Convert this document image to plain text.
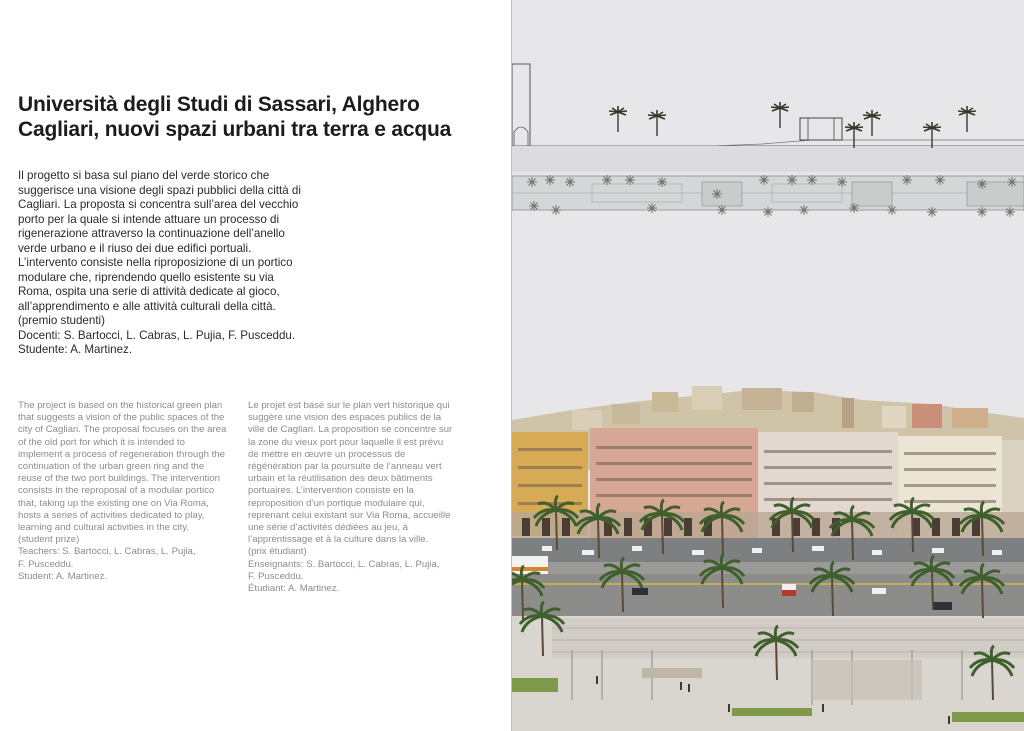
Università degli Studi di Sassari, Alghero
Cagliari, nuovi spazi urbani tra terra e acqua
Il progetto si basa sul piano del verde storico che
suggerisce una visione degli spazi pubblici della città di
Cagliari. La proposta si concentra sull’area del vecchio
porto per la quale si intende attuare un processo di
rigenerazione attraverso la continuazione dell’anello
verde urbano e il riuso dei due edifici portuali.
L’intervento consiste nella riproposizione di un portico
modulare che, riprendendo quello esistente su via
Roma, ospita una serie di attività dedicate al gioco,
all’apprendimento e alle attività culturali della città.
(premio studenti)
Docenti: S. Bartocci, L. Cabras, L. Pujia, F. Pusceddu.
Studente: A. Martinez.
The project is based on the historical green plan
that suggests a vision of the public spaces of the
city of Cagliari. The proposal focuses on the area
of the old port for which it is intended to
implement a process of regeneration through the
continuation of the urban green ring and the
reuse of the two port buildings. The intervention
consists in the reproposal of a modular portico
that, taking up the existing one on Via Roma,
hosts a series of activities dedicated to play,
learning and cultural activities in the city.
(student prize)
Teachers: S. Bartocci, L. Cabras, L. Pujia,
F. Pusceddu.
Student: A. Martinez.
Le projet est basé sur le plan vert historique qui
suggère une vision des espaces publics de la
ville de Cagliari. La proposition se concentre sur
la zone du vieux port pour laquelle il est prévu
de mettre en œuvre un processus de
régénération par la poursuite de l’anneau vert
urbain et la réutilisation des deux bâtiments
portuaires. L’intervention consiste en la
reproposition d’un portique modulaire qui,
reprenant celui existant sur Via Roma, accueille
une série d’activités dédiées au jeu, à
l’apprentissage et à la culture dans la ville.
(prix étudiant)
Enseignants: S. Bartocci, L. Cabras, L. Pujia,
F. Pusceddu.
Étudiant: A. Martinez.
